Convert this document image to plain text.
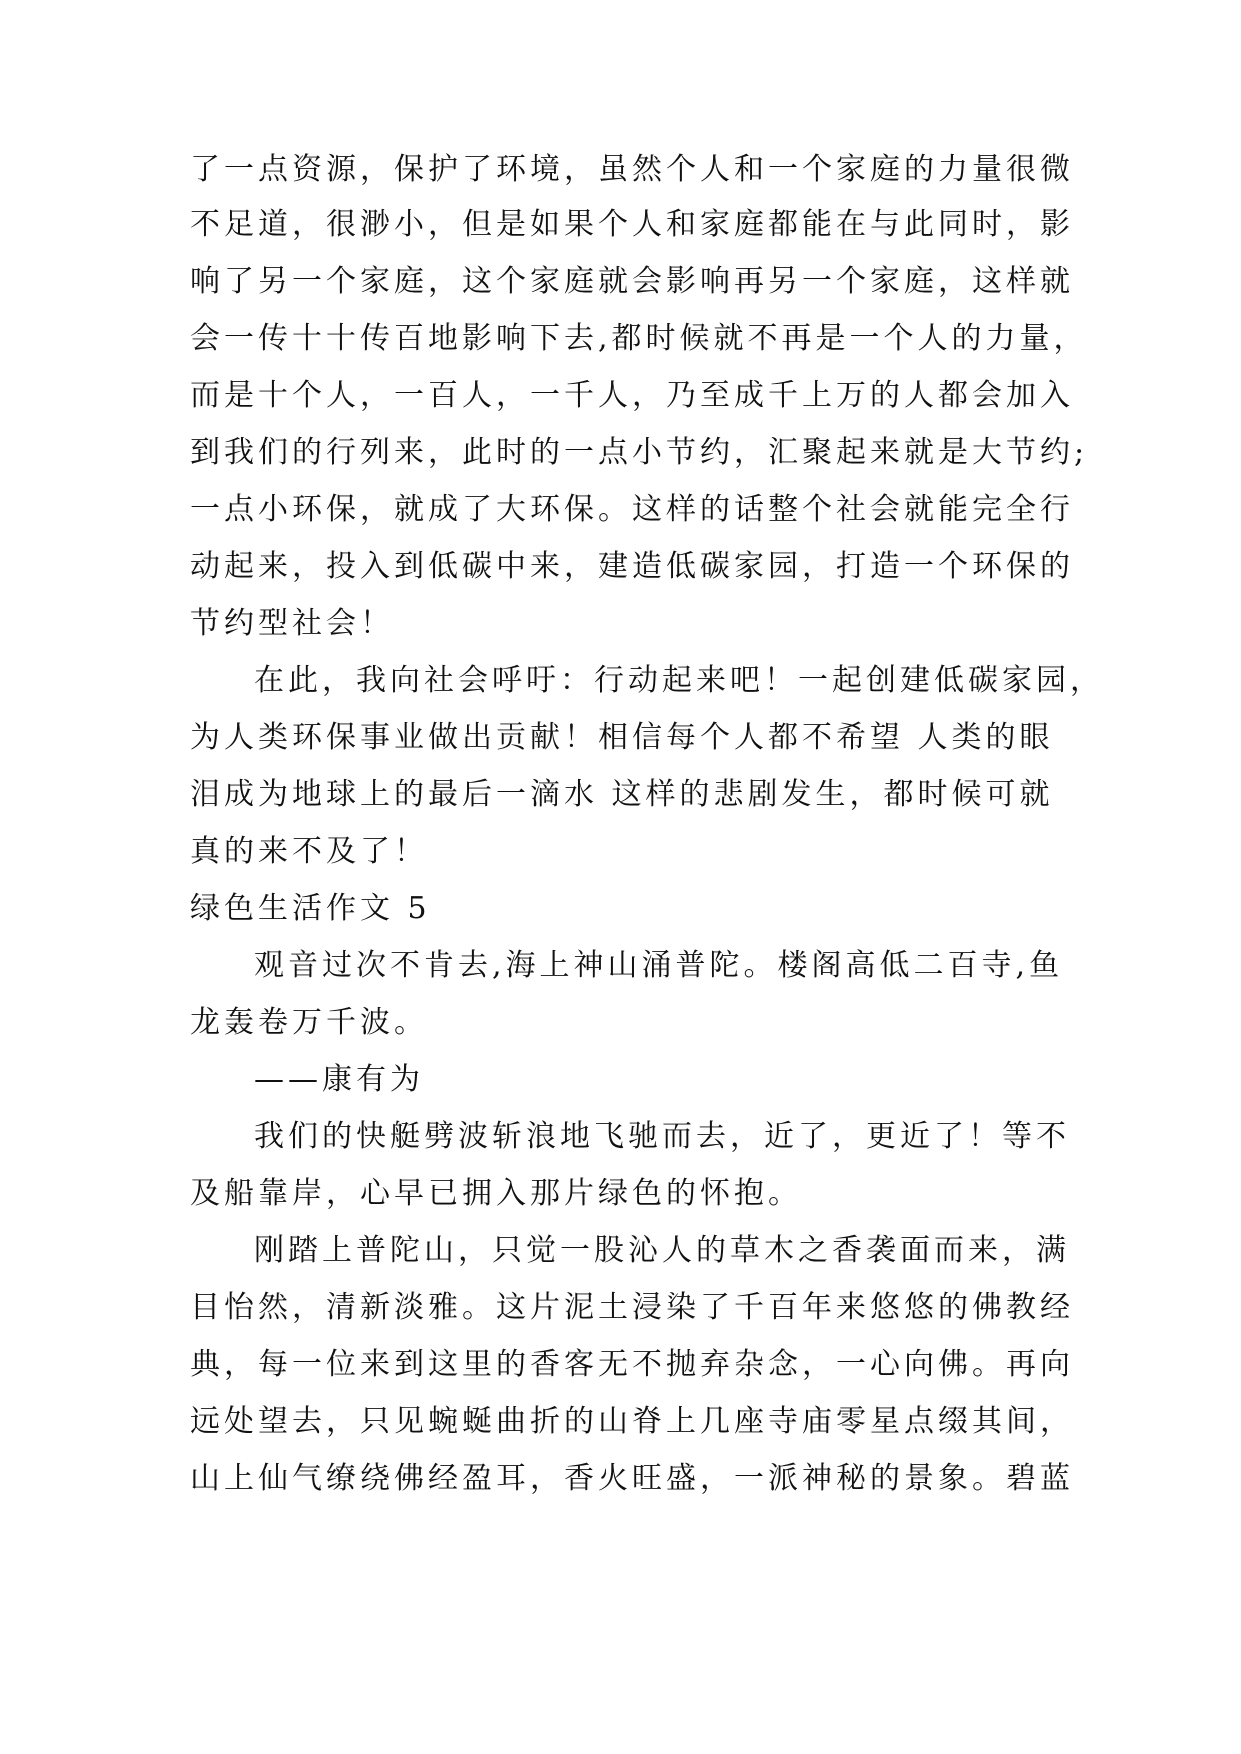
了一点资源，保护了环境，虽然个人和一个家庭的力量很微
不足道，很渺小，但是如果个人和家庭都能在与此同时，影
响了另一个家庭，这个家庭就会影响再另一个家庭，这样就
会一传十十传百地影响下去,都时候就不再是一个人的力量，
而是十个人，一百人，一千人，乃至成千上万的人都会加入
到我们的行列来，此时的一点小节约，汇聚起来就是大节约;
一点小环保，就成了大环保。这样的话整个社会就能完全行
动起来，投入到低碳中来，建造低碳家园，打造一个环保的
节约型社会！
在此，我向社会呼吁：行动起来吧！一起创建低碳家园，
为人类环保事业做出贡献！相信每个人都不希望 人类的眼
泪成为地球上的最后一滴水 这样的悲剧发生，都时候可就
真的来不及了！
绿色生活作文 5
观音过次不肯去,海上神山涌普陀。楼阁高低二百寺,鱼
龙轰卷万千波。
——康有为
我们的快艇劈波斩浪地飞驰而去，近了，更近了！等不
及船靠岸，心早已拥入那片绿色的怀抱。
刚踏上普陀山，只觉一股沁人的草木之香袭面而来，满
目怡然，清新淡雅。这片泥土浸染了千百年来悠悠的佛教经
典，每一位来到这里的香客无不抛弃杂念，一心向佛。再向
远处望去，只见蜿蜒曲折的山脊上几座寺庙零星点缀其间，
山上仙气缭绕佛经盈耳，香火旺盛，一派神秘的景象。碧蓝
